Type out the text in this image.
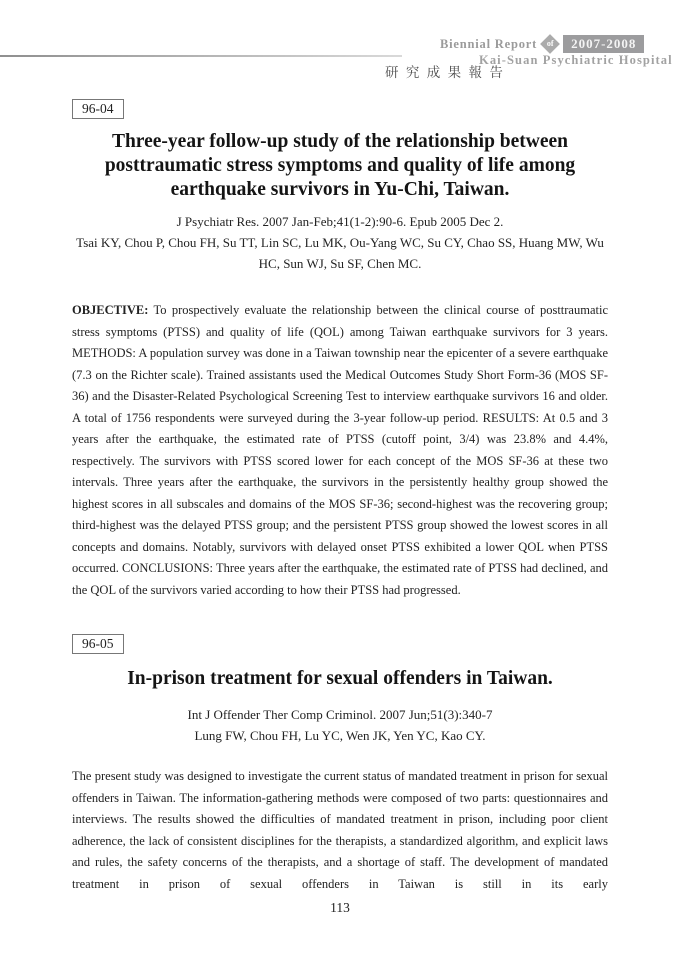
Biennial Report of	2007-2008
Kai-Suan Psychiatric Hospital
研 究 成 果 報 告
96-04
Three-year follow-up study of the relationship between posttraumatic stress symptoms and quality of life among earthquake survivors in Yu-Chi, Taiwan.

J Psychiatr Res. 2007 Jan-Feb;41(1-2):90-6. Epub 2005 Dec 2.

Tsai KY, Chou P, Chou FH, Su TT, Lin SC, Lu MK, Ou-Yang WC, Su CY, Chao SS, Huang MW, Wu HC, Sun WJ, Su SF, Chen MC.

OBJECTIVE: To prospectively evaluate the relationship between the clinical course of posttraumatic stress symptoms (PTSS) and quality of life (QOL) among Taiwan earthquake survivors for 3 years. METHODS: A population survey was done in a Taiwan township near the epicenter of a severe earthquake (7.3 on the Richter scale). Trained assistants used the Medical Outcomes Study Short Form-36 (MOS SF-36) and the Disaster-Related Psychological Screening Test to interview earthquake survivors 16 and older. A total of 1756 respondents were surveyed during the 3-year follow-up period. RESULTS: At 0.5 and 3 years after the earthquake, the estimated rate of PTSS (cutoff point, 3/4) was 23.8% and 4.4%, respectively. The survivors with PTSS scored lower for each concept of the MOS SF-36 at these two intervals. Three years after the earthquake, the survivors in the persistently healthy group showed the highest scores in all subscales and domains of the MOS SF-36; second-highest was the recovering group; third-highest was the delayed PTSS group; and the persistent PTSS group showed the lowest scores in all concepts and domains. Notably, survivors with delayed onset PTSS exhibited a lower QOL when PTSS occurred. CONCLUSIONS: Three years after the earthquake, the estimated rate of PTSS had declined, and the QOL of the survivors varied according to how their PTSS had progressed.

96-05
In-prison treatment for sexual offenders in Taiwan.

Int J Offender Ther Comp Criminol. 2007 Jun;51(3):340-7

Lung FW, Chou FH, Lu YC, Wen JK, Yen YC, Kao CY.

The present study was designed to investigate the current status of mandated treatment in prison for sexual offenders in Taiwan. The information-gathering methods were composed of two parts: questionnaires and interviews. The results showed the difficulties of mandated treatment in prison, including poor client adherence, the lack of consistent disciplines for the therapists, a standardized algorithm, and explicit laws and rules, the safety concerns of the therapists, and a shortage of staff. The development of mandated treatment in prison of sexual offenders in Taiwan is still in its early

113
